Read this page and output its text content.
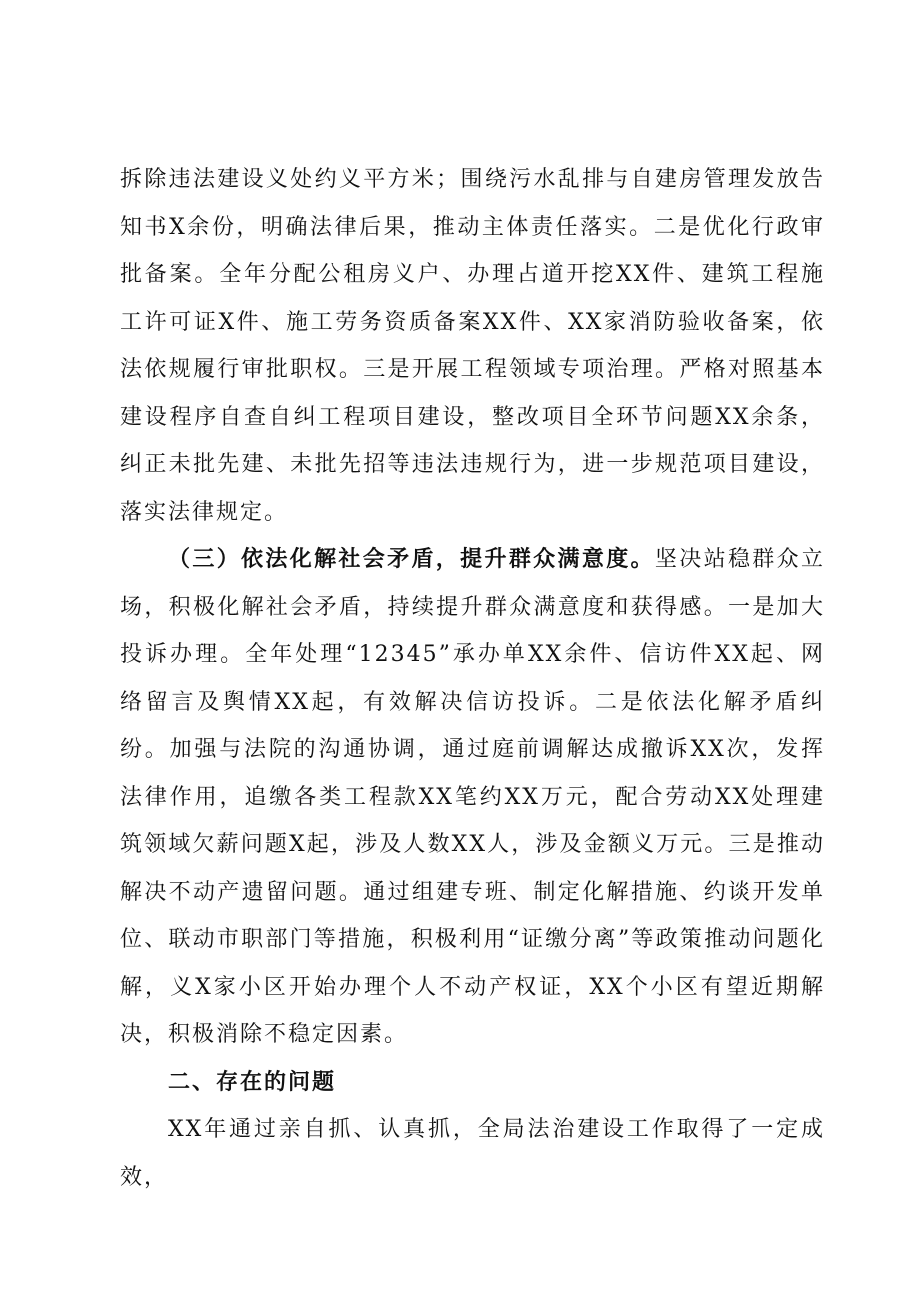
拆除违法建设义处约义平方米；围绕污水乱排与自建房管理发放告知书X余份，明确法律后果，推动主体责任落实。二是优化行政审批备案。全年分配公租房义户、办理占道开挖XX件、建筑工程施工许可证X件、施工劳务资质备案XX件、XX家消防验收备案，依法依规履行审批职权。三是开展工程领域专项治理。严格对照基本建设程序自查自纠工程项目建设，整改项目全环节问题XX余条，纠正未批先建、未批先招等违法违规行为，进一步规范项目建设，落实法律规定。

（三）依法化解社会矛盾，提升群众满意度。坚决站稳群众立场，积极化解社会矛盾，持续提升群众满意度和获得感。一是加大投诉办理。全年处理“12345”承办单XX余件、信访件XX起、网络留言及舆情XX起，有效解决信访投诉。二是依法化解矛盾纠纷。加强与法院的沟通协调，通过庭前调解达成撤诉XX次，发挥法律作用，追缴各类工程款XX笔约XX万元，配合劳动XX处理建筑领域欠薪问题X起，涉及人数XX人，涉及金额义万元。三是推动解决不动产遗留问题。通过组建专班、制定化解措施、约谈开发单位、联动市职部门等措施，积极利用“证缴分离”等政策推动问题化解，义X家小区开始办理个人不动产权证，XX个小区有望近期解决，积极消除不稳定因素。

二、存在的问题

XX年通过亲自抓、认真抓，全局法治建设工作取得了一定成效，
